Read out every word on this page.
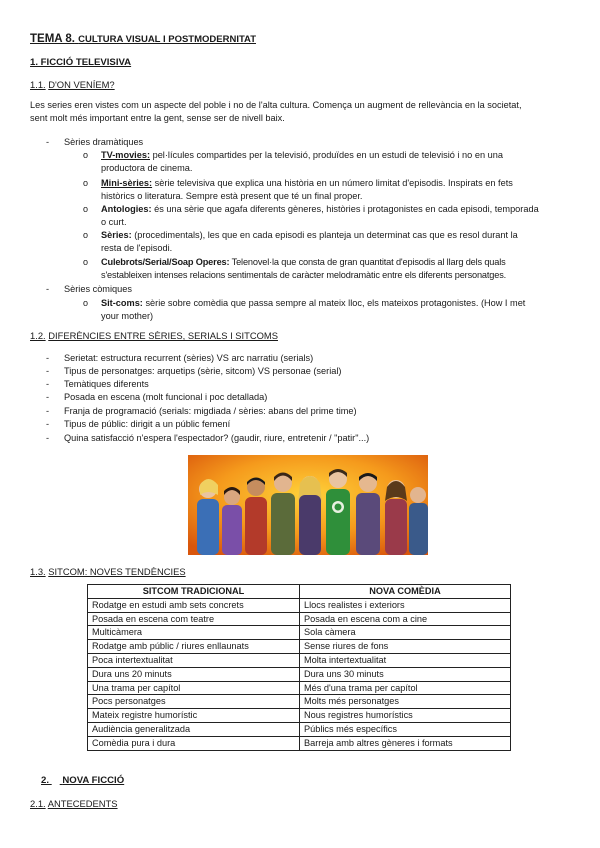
TEMA 8. CULTURA VISUAL I POSTMODERNITAT
1. FICCIÓ TELEVISIVA
1.1. D'ON VENÍEM?
Les series eren vistes com un aspecte del poble i no de l'alta cultura. Comença un augment de rellevància en la societat,
sent molt més important entre la gent, sense ser de nivell baix.
- Sèries dramàtiques
o TV-movies: pel·lícules compartides per la televisió, produïdes en un estudi de televisió i no en una
productora de cinema.
o Mini-sèries: sèrie televisiva que explica una història en un número limitat d'episodis. Inspirats en fets
històrics o literatura. Sempre està present que té un final proper.
o Antologies: és una sèrie que agafa diferents gèneres, històries i protagonistes en cada episodi, temporada
o curt.
o Sèries: (procedimentals), les que en cada episodi es planteja un determinat cas que es resol durant la
resta de l'episodi.
o Culebrots/Serial/Soap Operes: Telenovel·la que consta de gran quantitat d'episodis al llarg dels quals
s'estableixen intenses relacions sentimentals de caràcter melodramàtic entre els diferents personatges.
- Sèries còmiques
o Sit-coms: sèrie sobre comèdia que passa sempre al mateix lloc, els mateixos protagonistes. (How I met
your mother)
1.2. DIFERÈNCIES ENTRE SÈRIES, SERIALS I SITCOMS
- Serietat: estructura recurrent (sèries) VS arc narratiu (serials)
- Tipus de personatges: arquetips (sèrie, sitcom) VS personae (serial)
- Temàtiques diferents
- Posada en escena (molt funcional i poc detallada)
- Franja de programació (serials: migdiada / sèries: abans del prime time)
- Tipus de públic: dirigit a un públic femení
- Quina satisfacció n'espera l'espectador? (gaudir, riure, entretenir / "patir"...)
1.3. SITCOM: NOVES TENDÈNCIES
SITCOM TRADICIONAL	NOVA COMÈDIA
Rodatge en estudi amb sets concrets	Llocs realistes i exteriors
Posada en escena com teatre	Posada en escena com a cine
Multicàmera	Sola càmera
Rodatge amb públic / riures enllaunats	Sense riures de fons
Poca intertextualitat	Molta intertextualitat
Dura uns 20 minuts	Dura uns 30 minuts
Una trama per capítol	Més d'una trama per capítol
Pocs personatges	Molts més personatges
Mateix registre humorístic	Nous registres humorístics
Audiència generalitzada	Públics més específics
Comèdia pura i dura	Barreja amb altres gèneres i formats
2. NOVA FICCIÓ
2.1. ANTECEDENTS
